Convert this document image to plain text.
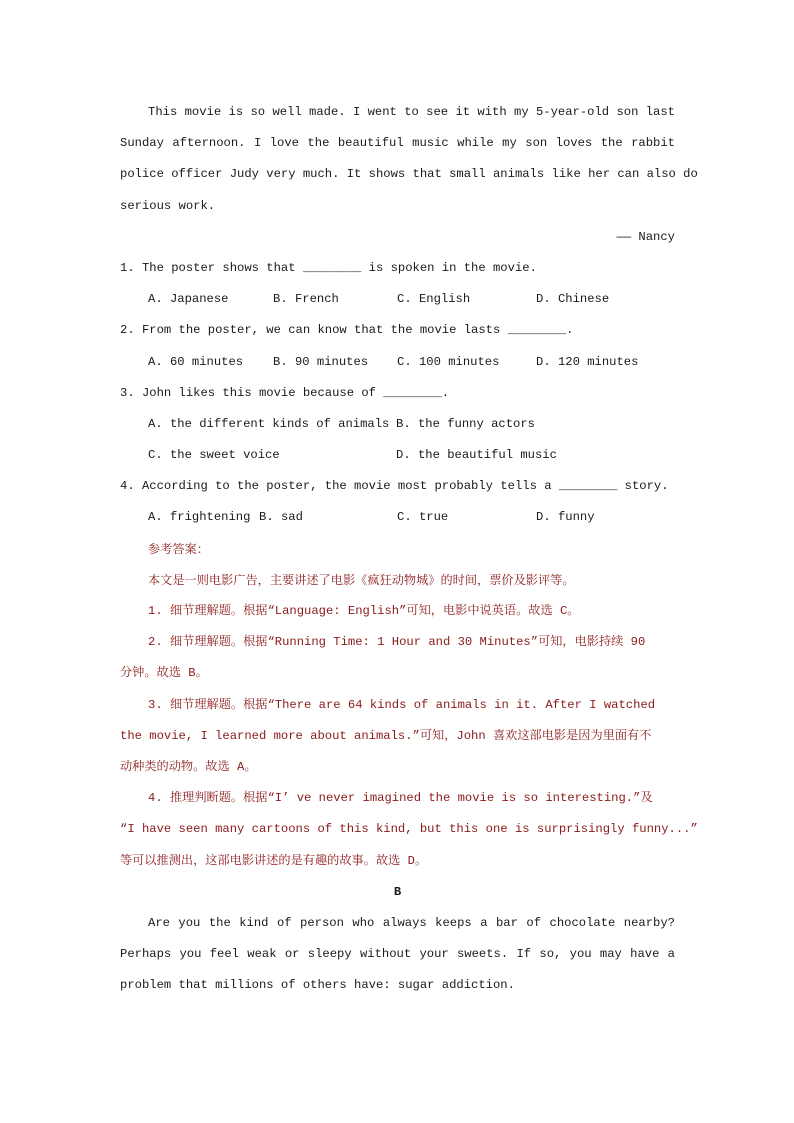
This movie is so well made. I went to see it with my 5-year-old son last
Sunday afternoon. I love the beautiful music while my son loves the rabbit
police officer Judy very much. It shows that small animals like her can also do
serious work.
—— Nancy
1. The poster shows that ________ is spoken in the movie.
A. Japanese	B. French	C. English	D. Chinese
2. From the poster, we can know that the movie lasts ________.
A. 60 minutes	B. 90 minutes	C. 100 minutes	D. 120 minutes
3. John likes this movie because of ________.
A. the different kinds of animals B. the funny actors
C. the sweet voice	D. the beautiful music
4. According to the poster, the movie most probably tells a ________ story.
A. frightening B. sad	C. true	D. funny
参考答案：
本文是一则电影广告，主要讲述了电影《疯狂动物城》的时间，票价及影评等。
1. 细节理解题。根据“Language: English”可知，电影中说英语。故选 C。
2. 细节理解题。根据“Running Time: 1 Hour and 30 Minutes”可知，电影持续 90
分钟。故选 B。
3. 细节理解题。根据“There are 64 kinds of animals in it. After I watched
the movie, I learned more about animals.”可知，John 喜欢这部电影是因为里面有不
动种类的动物。故选 A。
4. 推理判断题。根据“I’ ve never imagined the movie is so interesting.”及
“I have seen many cartoons of this kind, but this one is surprisingly funny...”
等可以推测出，这部电影讲述的是有趣的故事。故选 D。
B
Are you the kind of person who always keeps a bar of chocolate nearby?
Perhaps you feel weak or sleepy without your sweets. If so, you may have a
problem that millions of others have: sugar addiction.
